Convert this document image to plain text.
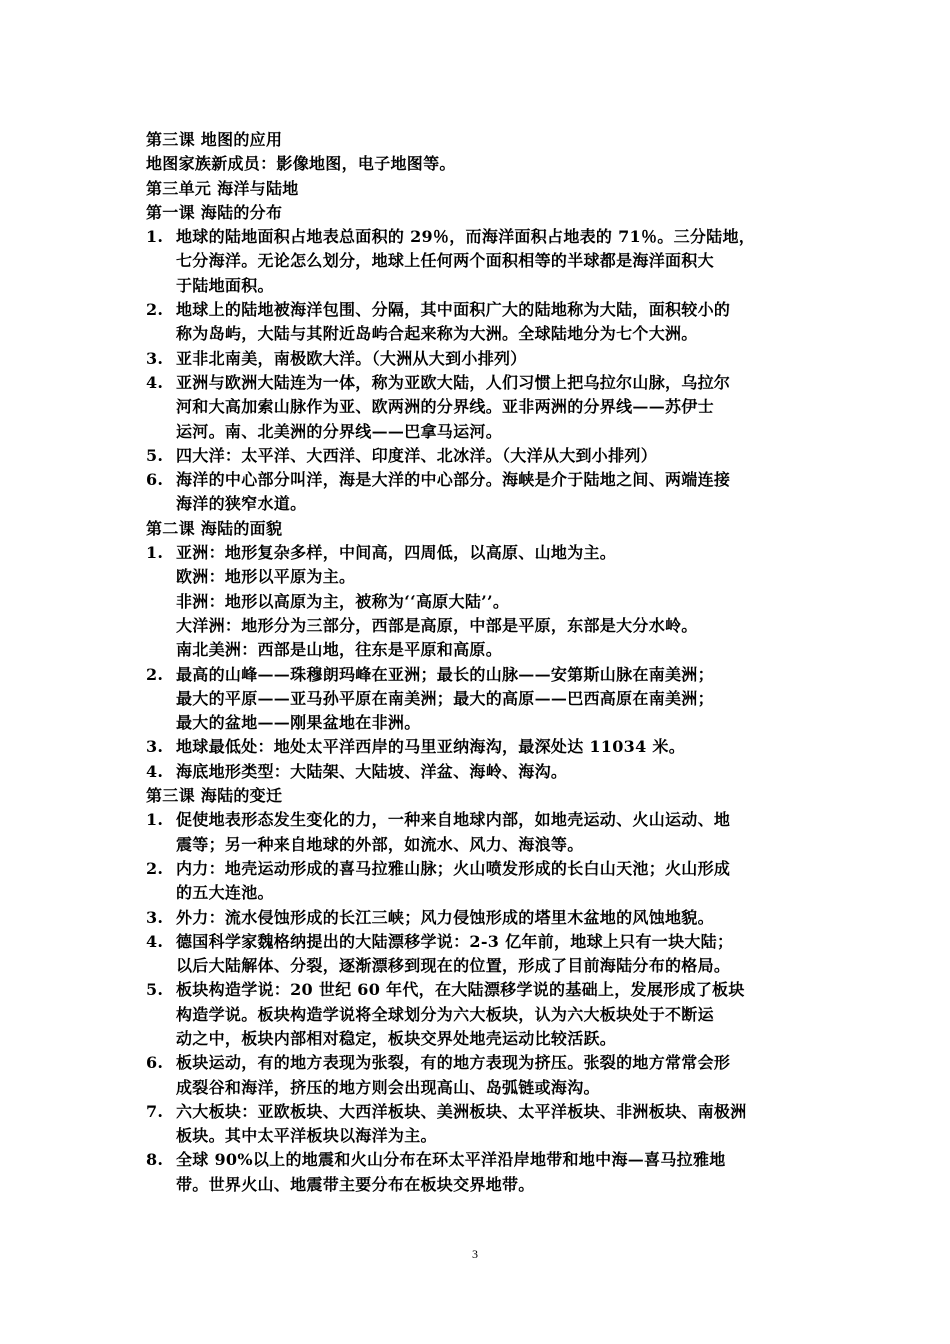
第三课 地图的应用
地图家族新成员：影像地图，电子地图等。
第三单元 海洋与陆地
第一课 海陆的分布
1. 地球的陆地面积占地表总面积的 29％，而海洋面积占地表的 71％。三分陆地，
七分海洋。无论怎么划分，地球上任何两个面积相等的半球都是海洋面积大
于陆地面积。
2. 地球上的陆地被海洋包围、分隔，其中面积广大的陆地称为大陆，面积较小的
称为岛屿，大陆与其附近岛屿合起来称为大洲。全球陆地分为七个大洲。
3. 亚非北南美，南极欧大洋。（大洲从大到小排列）
4. 亚洲与欧洲大陆连为一体，称为亚欧大陆，人们习惯上把乌拉尔山脉，乌拉尔
河和大高加索山脉作为亚、欧两洲的分界线。亚非两洲的分界线——苏伊士
运河。南、北美洲的分界线——巴拿马运河。
5. 四大洋：太平洋、大西洋、印度洋、北冰洋。（大洋从大到小排列）
6. 海洋的中心部分叫洋，海是大洋的中心部分。海峡是介于陆地之间、两端连接
海洋的狭窄水道。
第二课 海陆的面貌
1. 亚洲：地形复杂多样，中间高，四周低，以高原、山地为主。
欧洲：地形以平原为主。
非洲：地形以高原为主，被称为‘‘高原大陆’’。
大洋洲：地形分为三部分，西部是高原，中部是平原，东部是大分水岭。
南北美洲：西部是山地，往东是平原和高原。
2. 最高的山峰——珠穆朗玛峰在亚洲；最长的山脉——安第斯山脉在南美洲；
最大的平原——亚马孙平原在南美洲；最大的高原——巴西高原在南美洲；
最大的盆地——刚果盆地在非洲。
3. 地球最低处：地处太平洋西岸的马里亚纳海沟，最深处达 11034 米。
4. 海底地形类型：大陆架、大陆坡、洋盆、海岭、海沟。
第三课 海陆的变迁
1. 促使地表形态发生变化的力，一种来自地球内部，如地壳运动、火山运动、地
震等；另一种来自地球的外部，如流水、风力、海浪等。
2. 内力：地壳运动形成的喜马拉雅山脉；火山喷发形成的长白山天池；火山形成
的五大连池。
3. 外力：流水侵蚀形成的长江三峡；风力侵蚀形成的塔里木盆地的风蚀地貌。
4. 德国科学家魏格纳提出的大陆漂移学说：2-3 亿年前，地球上只有一块大陆；
以后大陆解体、分裂，逐渐漂移到现在的位置，形成了目前海陆分布的格局。
5. 板块构造学说：20 世纪 60 年代，在大陆漂移学说的基础上，发展形成了板块
构造学说。板块构造学说将全球划分为六大板块，认为六大板块处于不断运
动之中，板块内部相对稳定，板块交界处地壳运动比较活跃。
6. 板块运动，有的地方表现为张裂，有的地方表现为挤压。张裂的地方常常会形
成裂谷和海洋，挤压的地方则会出现高山、岛弧链或海沟。
7. 六大板块：亚欧板块、大西洋板块、美洲板块、太平洋板块、非洲板块、南极洲
板块。其中太平洋板块以海洋为主。
8. 全球 90%以上的地震和火山分布在环太平洋沿岸地带和地中海—喜马拉雅地
带。世界火山、地震带主要分布在板块交界地带。
3
